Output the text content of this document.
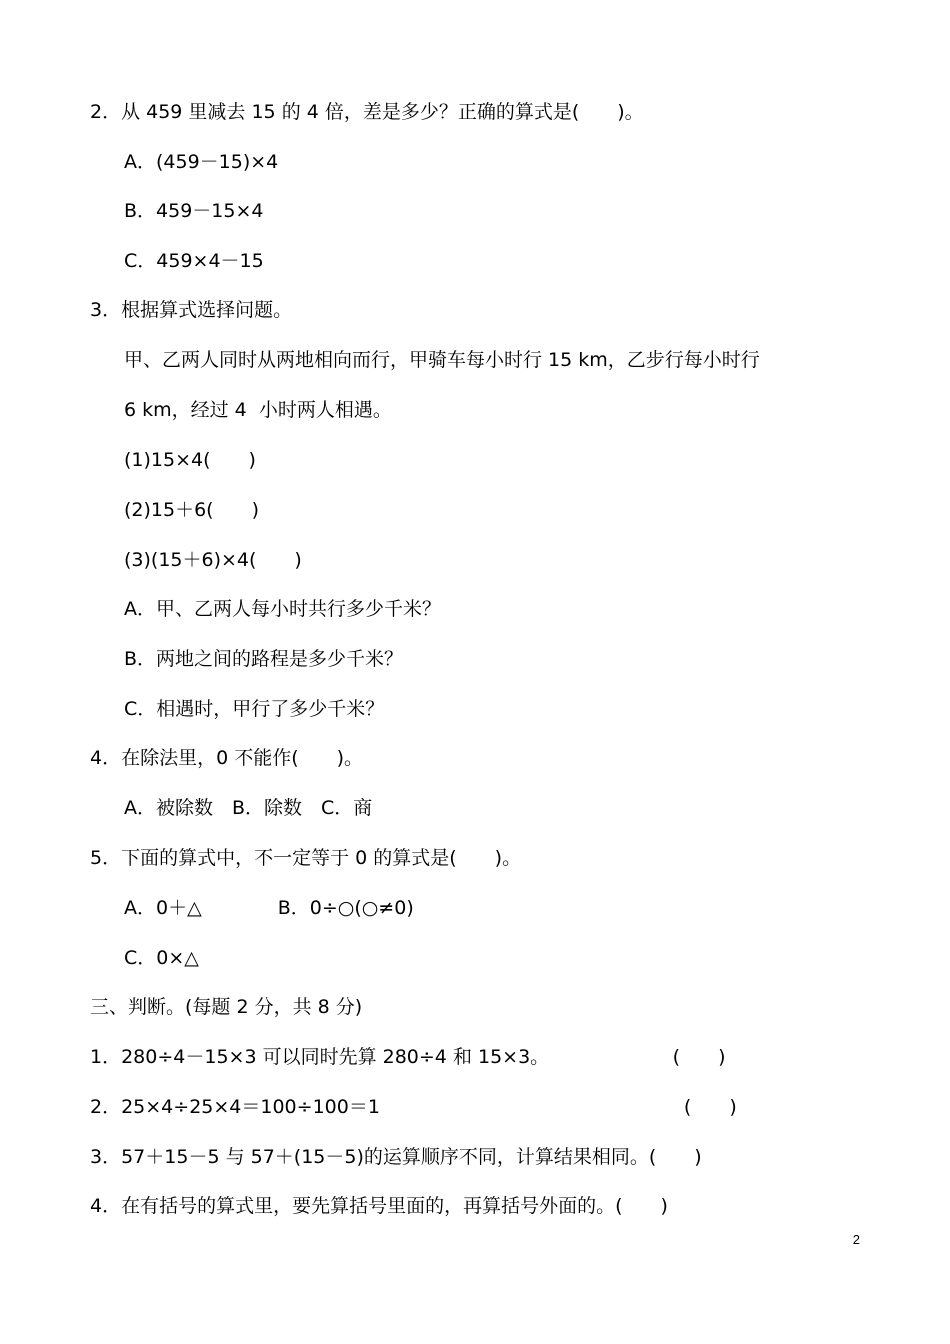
2．从 459 里减去 15 的 4 倍，差是多少？正确的算式是(　　)。

A．(459－15)×4

B．459－15×4

C．459×4－15

3．根据算式选择问题。

甲、乙两人同时从两地相向而行，甲骑车每小时行 15 km，乙步行每小时行

6 km，经过 4  小时两人相遇。

(1)15×4(　　)

(2)15＋6(　　)

(3)(15＋6)×4(　　)

A．甲、乙两人每小时共行多少千米？

B．两地之间的路程是多少千米？

C．相遇时，甲行了多少千米？

4．在除法里，0 不能作(　　)。

A．被除数　B．除数　C．商

5．下面的算式中，不一定等于 0 的算式是(　　)。

A．0＋△　　　　B．0÷○(○≠0)

C．0×△

三、判断。(每题 2 分，共 8 分)

1．280÷4－15×3 可以同时先算 280÷4 和 15×3。　　　　　　　(　　)

2．25×4÷25×4＝100÷100＝1　　　　　　　　　　　　　　　　(　　)

3．57＋15－5 与 57＋(15－5)的运算顺序不同，计算结果相同。(　　)

4．在有括号的算式里，要先算括号里面的，再算括号外面的。(　　)

2
